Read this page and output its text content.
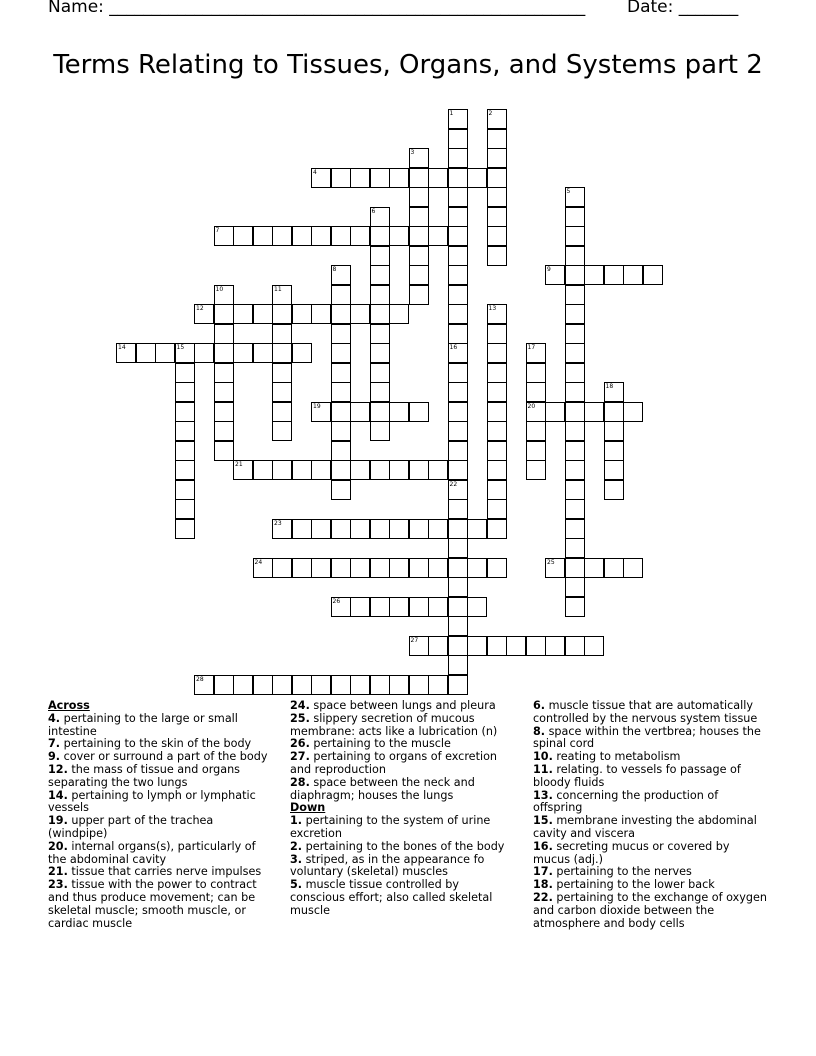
Name: ________________________________________________________ Date: _______
Terms Relating to Tissues, Organs, and Systems part 2
1	2
3
4
5
6
7
8	9
10	11
12	13
14	15	16	17
20
18
19
21
22
23
24	25
26
27
28
Across

4. pertaining to the large or small intestine

7. pertaining to the skin of the body

9. cover or surround a part of the body

12. the mass of tissue and organs separating the two lungs

14. pertaining to lymph or lymphatic vessels

19. upper part of the trachea (windpipe)

20. internal organs(s), particularly of the abdominal cavity

21. tissue that carries nerve impulses

23. tissue with the power to contract and thus produce movement; can be skeletal muscle; smooth muscle, or cardiac muscle

24. space between lungs and pleura

25. slippery secretion of mucous membrane: acts like a lubrication (n)

26. pertaining to the muscle

27. pertaining to organs of excretion and reproduction

28. space between the neck and diaphragm; houses the lungs

Down

1. pertaining to the system of urine excretion

2. pertaining to the bones of the body

3. striped, as in the appearance fo voluntary (skeletal) muscles

5. muscle tissue controlled by conscious effort; also called skeletal muscle

6. muscle tissue that are automatically controlled by the nervous system tissue

8. space within the vertbrea; houses the spinal cord

10. reating to metabolism

11. relating. to vessels fo passage of bloody fluids

13. concerning the production of offspring

15. membrane investing the abdominal cavity and viscera

16. secreting mucus or covered by mucus (adj.)

17. pertaining to the nerves

18. pertaining to the lower back

22. pertaining to the exchange of oxygen and carbon dioxide between the atmosphere and body cells
